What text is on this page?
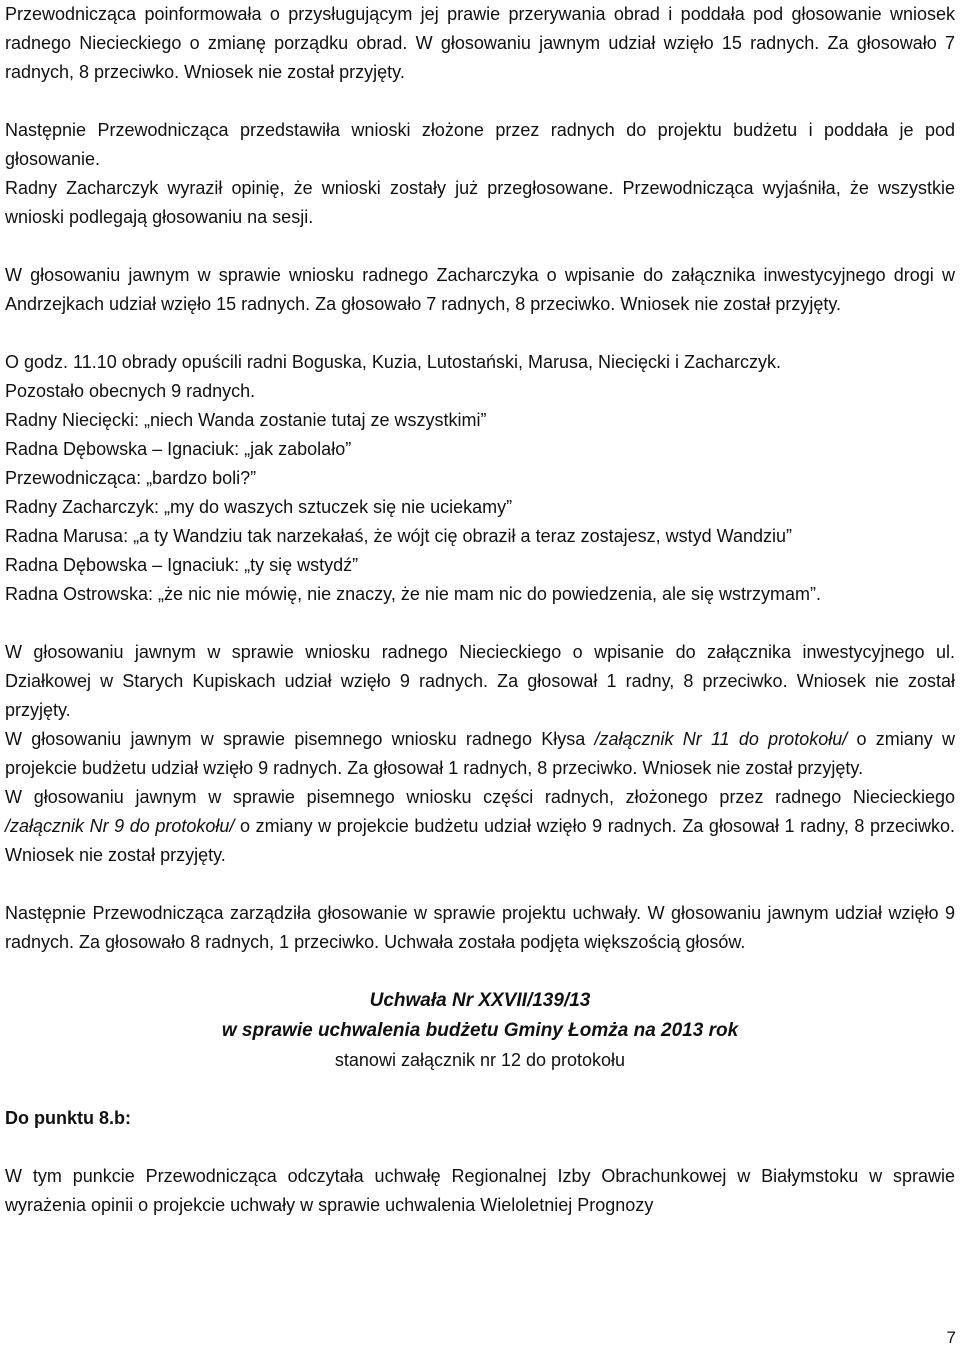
Przewodnicząca poinformowała o przysługującym jej prawie przerywania obrad i poddała pod głosowanie wniosek radnego Niecieckiego o zmianę porządku obrad. W głosowaniu jawnym udział wzięło 15 radnych. Za głosowało 7 radnych, 8 przeciwko. Wniosek nie został przyjęty.

Następnie Przewodnicząca przedstawiła wnioski złożone przez radnych do projektu budżetu i poddała je pod głosowanie.

Radny Zacharczyk wyraził opinię, że wnioski zostały już przegłosowane. Przewodnicząca wyjaśniła, że wszystkie wnioski podlegają głosowaniu na sesji.

W głosowaniu jawnym w sprawie wniosku radnego Zacharczyka o wpisanie do załącznika inwestycyjnego drogi w Andrzejkach udział wzięło 15 radnych. Za głosowało 7 radnych, 8 przeciwko. Wniosek nie został przyjęty.

O godz. 11.10 obrady opuścili radni Boguska, Kuzia, Lutostański, Marusa, Niecięcki i Zacharczyk.

Pozostało obecnych 9 radnych.

Radny Niecięcki: „niech Wanda zostanie tutaj ze wszystkimi”

Radna Dębowska – Ignaciuk: „jak zabolało”

Przewodnicząca: „bardzo boli?”

Radny Zacharczyk: „my do waszych sztuczek się nie uciekamy”

Radna Marusa: „a ty Wandziu tak narzekałaś, że wójt cię obraził a teraz zostajesz, wstyd Wandziu”

Radna Dębowska – Ignaciuk: „ty się wstydź”

Radna Ostrowska: „że nic nie mówię, nie znaczy, że nie mam nic do powiedzenia, ale się wstrzymam”.

W głosowaniu jawnym w sprawie wniosku radnego Niecieckiego o wpisanie do załącznika inwestycyjnego ul. Działkowej w Starych Kupiskach udział wzięło 9 radnych. Za głosował 1 radny, 8 przeciwko. Wniosek nie został przyjęty.

W głosowaniu jawnym w sprawie pisemnego wniosku radnego Kłysa /załącznik Nr 11 do protokołu/ o zmiany w projekcie budżetu udział wzięło 9 radnych. Za głosował 1 radnych, 8 przeciwko. Wniosek nie został przyjęty.

W głosowaniu jawnym w sprawie pisemnego wniosku części radnych, złożonego przez radnego Niecieckiego /załącznik Nr 9 do protokołu/ o zmiany w projekcie budżetu udział wzięło 9 radnych. Za głosował 1 radny, 8 przeciwko. Wniosek nie został przyjęty.

Następnie Przewodnicząca zarządziła głosowanie w sprawie projektu uchwały. W głosowaniu jawnym udział wzięło 9 radnych. Za głosowało 8 radnych, 1 przeciwko. Uchwała została podjęta większością głosów.

Uchwała Nr XXVII/139/13

w sprawie uchwalenia budżetu Gminy Łomża na 2013 rok

stanowi załącznik nr 12 do protokołu

Do punktu 8.b:

W tym punkcie Przewodnicząca odczytała uchwałę Regionalnej Izby Obrachunkowej w Białymstoku w sprawie wyrażenia opinii o projekcie uchwały w sprawie uchwalenia Wieloletniej Prognozy

7
